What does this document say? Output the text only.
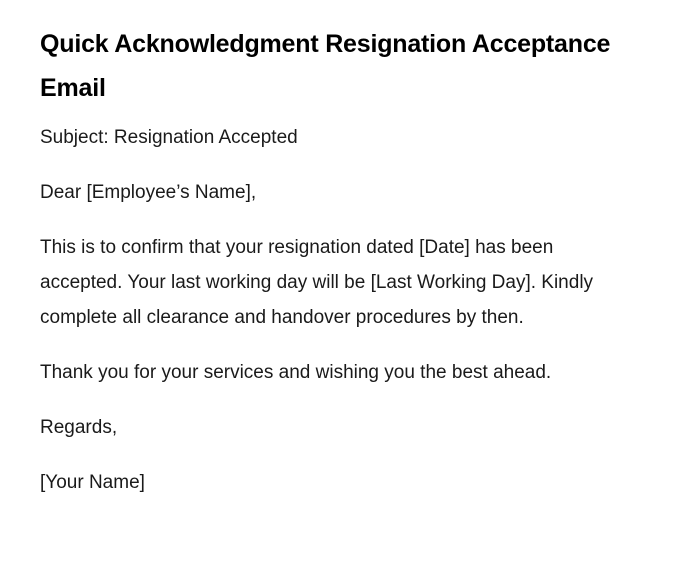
Quick Acknowledgment Resignation Acceptance Email

Subject: Resignation Accepted

Dear [Employee’s Name],

This is to confirm that your resignation dated [Date] has been accepted. Your last working day will be [Last Working Day]. Kindly complete all clearance and handover procedures by then.

Thank you for your services and wishing you the best ahead.

Regards,

[Your Name]
